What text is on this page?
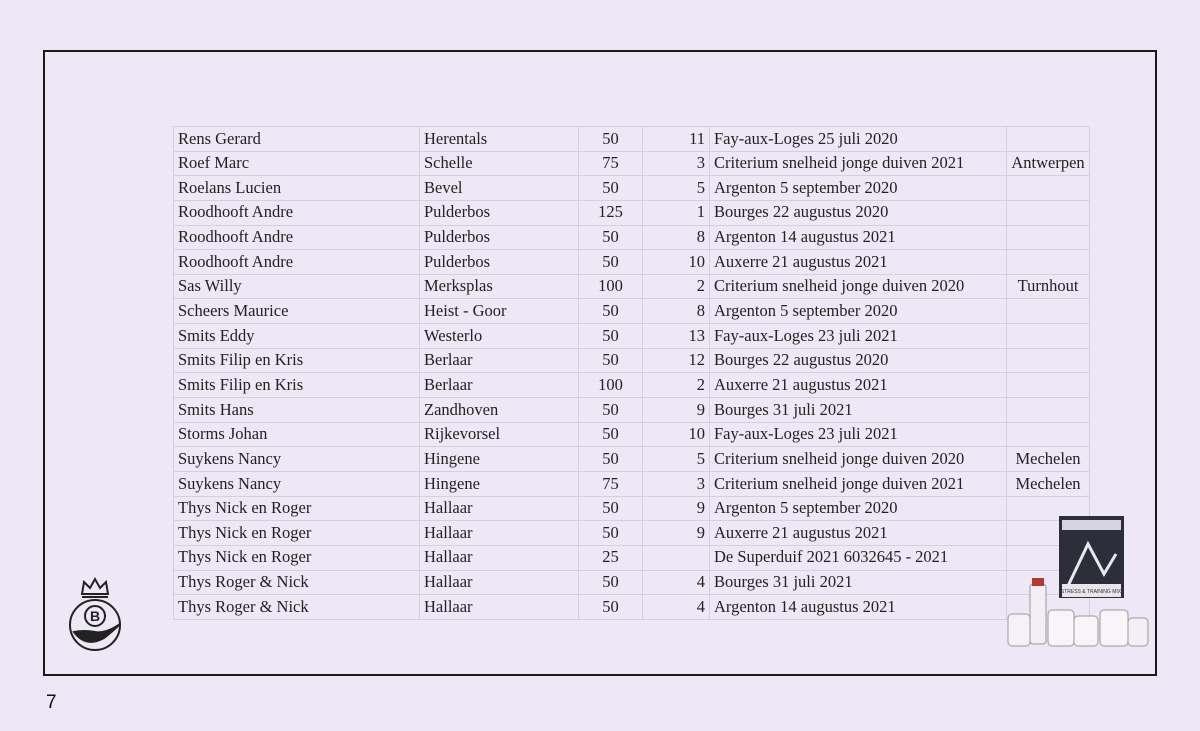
Rens Gerard	Herentals	50	11	Fay-aux-Loges 25 juli 2020	
Roef Marc	Schelle	75	3	Criterium snelheid jonge duiven 2021	Antwerpen
Roelans Lucien	Bevel	50	5	Argenton 5 september 2020	
Roodhooft Andre	Pulderbos	125	1	Bourges 22 augustus 2020	
Roodhooft Andre	Pulderbos	50	8	Argenton 14 augustus 2021	
Roodhooft Andre	Pulderbos	50	10	Auxerre 21 augustus 2021	
Sas Willy	Merksplas	100	2	Criterium snelheid jonge duiven 2020	Turnhout
Scheers Maurice	Heist - Goor	50	8	Argenton 5 september 2020	
Smits Eddy	Westerlo	50	13	Fay-aux-Loges 23 juli 2021	
Smits Filip en Kris	Berlaar	50	12	Bourges 22 augustus 2020	
Smits Filip en Kris	Berlaar	100	2	Auxerre 21 augustus 2021	
Smits Hans	Zandhoven	50	9	Bourges 31 juli 2021	
Storms Johan	Rijkevorsel	50	10	Fay-aux-Loges 23 juli 2021	
Suykens Nancy	Hingene	50	5	Criterium snelheid jonge duiven 2020	Mechelen
Suykens Nancy	Hingene	75	3	Criterium snelheid jonge duiven 2021	Mechelen
Thys Nick en Roger	Hallaar	50	9	Argenton 5 september 2020	
Thys Nick en Roger	Hallaar	50	9	Auxerre 21 augustus 2021	
Thys Nick en Roger	Hallaar	25		De Superduif 2021 6032645 - 2021	
Thys Roger & Nick	Hallaar	50	4	Bourges 31 juli 2021	
Thys Roger & Nick	Hallaar	50	4	Argenton 14 augustus 2021	
B
STRESS & TRAINING MIX
7
